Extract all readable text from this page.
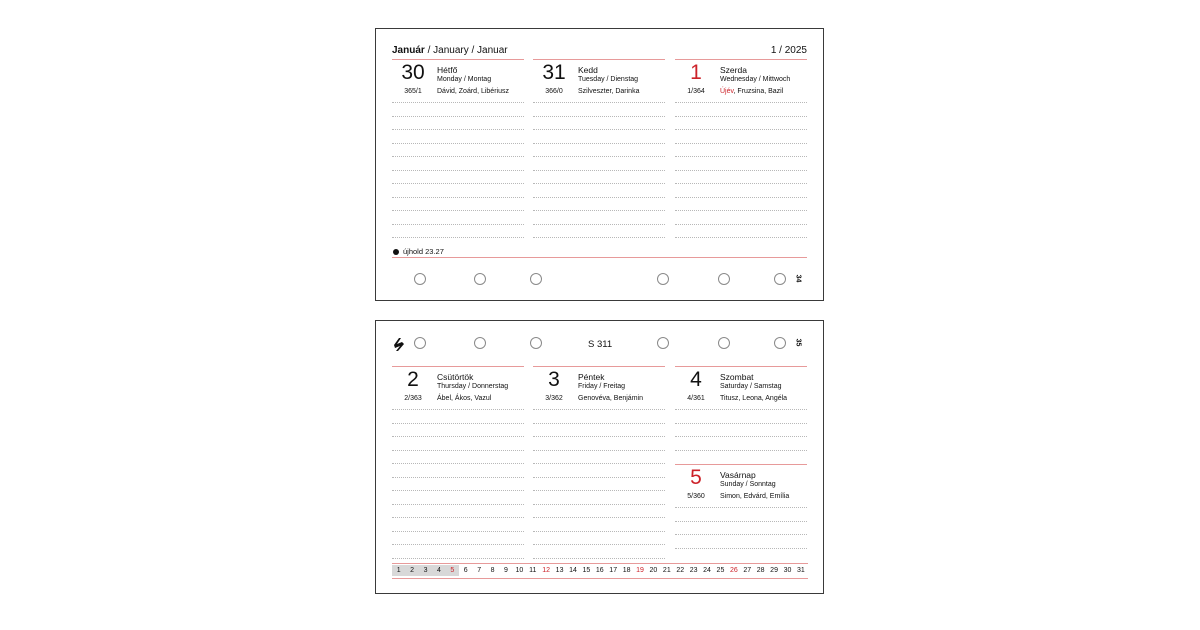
Január / January / Januar	1 / 2025
30	Hétfő
Monday / Montag
365/1	Dávid, Zoárd, Libériusz
31	Kedd
Tuesday / Dienstag
366/0	Szilveszter, Darinka
1	Szerda
Wednesday / Mittwoch
1/364	Újév, Fruzsina, Bazil
újhold 23.27
34
S 311	35
2	Csütörtök
Thursday / Donnerstag
2/363	Ábel, Ákos, Vazul
3	Péntek
Friday / Freitag
3/362	Genovéva, Benjámin
4	Szombat
Saturday / Samstag
4/361	Titusz, Leona, Angéla
5	Vasárnap
Sunday / Sonntag
5/360	Simon, Edvárd, Emília
1	2	3	4	5	6	7	8	9	10 11 12 13 14 15 16 17 18 19 20 21 22 23 24 25 26 27 28 29 30 31
